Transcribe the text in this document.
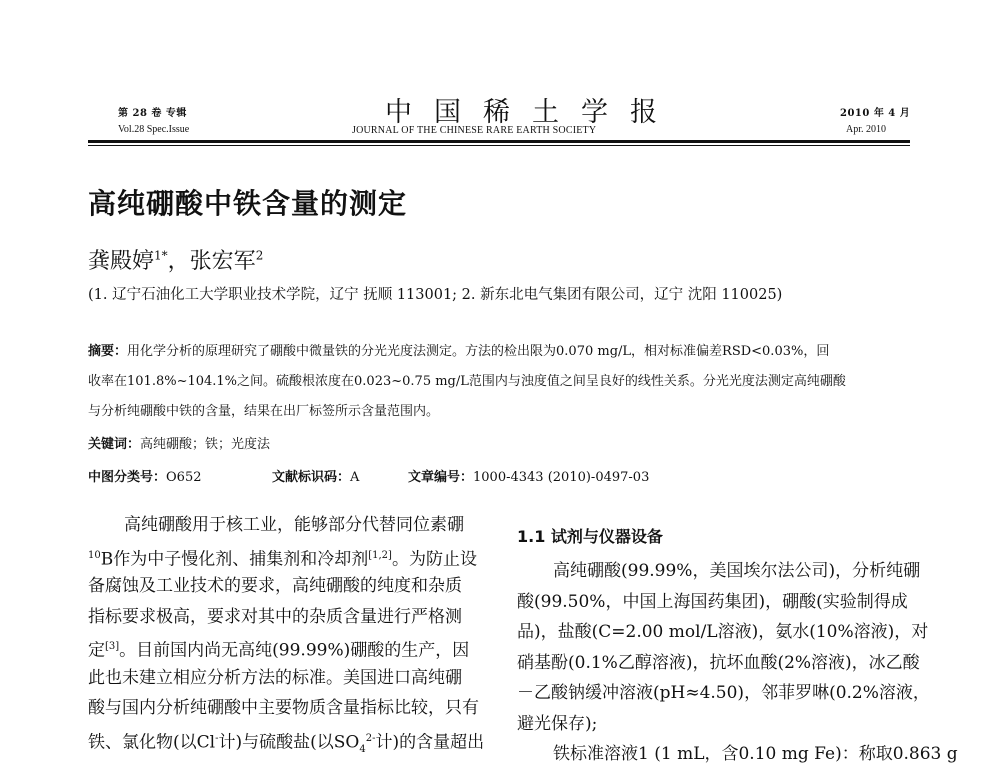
第 28 卷 专辑
Vol.28 Spec.Issue
中国稀土学报
JOURNAL OF THE CHINESE RARE EARTH SOCIETY
2010 年 4 月
Apr. 2010
高纯硼酸中铁含量的测定
龚殿婷$^{1*}$，张宏军$^2$
(1. 辽宁石油化工大学职业技术学院，辽宁 抚顺 113001; 2. 新东北电气集团有限公司，辽宁 沈阳 110025)
摘要：用化学分析的原理研究了硼酸中微量铁的分光光度法测定。方法的检出限为0.070 mg/L，相对标准偏差RSD<0.03%，回
收率在101.8%~104.1%之间。硫酸根浓度在0.023~0.75 mg/L范围内与浊度值之间呈良好的线性关系。分光光度法测定高纯硼酸
与分析纯硼酸中铁的含量，结果在出厂标签所示含量范围内。
关键词：高纯硼酸；铁；光度法
中图分类号：O652	文献标识码：A	文章编号：1000-4343 (2010)-0497-03
高纯硼酸用于核工业，能够部分代替同位素硼
$^{10}$B作为中子慢化剂、捕集剂和冷却剂[1,2]。为防止设
备腐蚀及工业技术的要求，高纯硼酸的纯度和杂质
指标要求极高，要求对其中的杂质含量进行严格测
定[3]。目前国内尚无高纯(99.99%)硼酸的生产，因
此也未建立相应分析方法的标准。美国进口高纯硼
酸与国内分析纯硼酸中主要物质含量指标比较，只有
铁、氯化物(以Cl-计)与硫酸盐(以$SO_4^{2-}$计)的含量超出
1.1 试剂与仪器设备
高纯硼酸(99.99%，美国埃尔法公司)，分析纯硼
酸(99.50%，中国上海国药集团)，硼酸(实验制得成
品)，盐酸(C=2.00 mol/L溶液)，氨水(10%溶液)，对
硝基酚(0.1%乙醇溶液)，抗坏血酸(2%溶液)，冰乙酸
－乙酸钠缓冲溶液(pH≈4.50)，邻菲罗啉(0.2%溶液，
避光保存);
铁标准溶液1 (1 mL，含0.10 mg Fe)：称取0.863 g
